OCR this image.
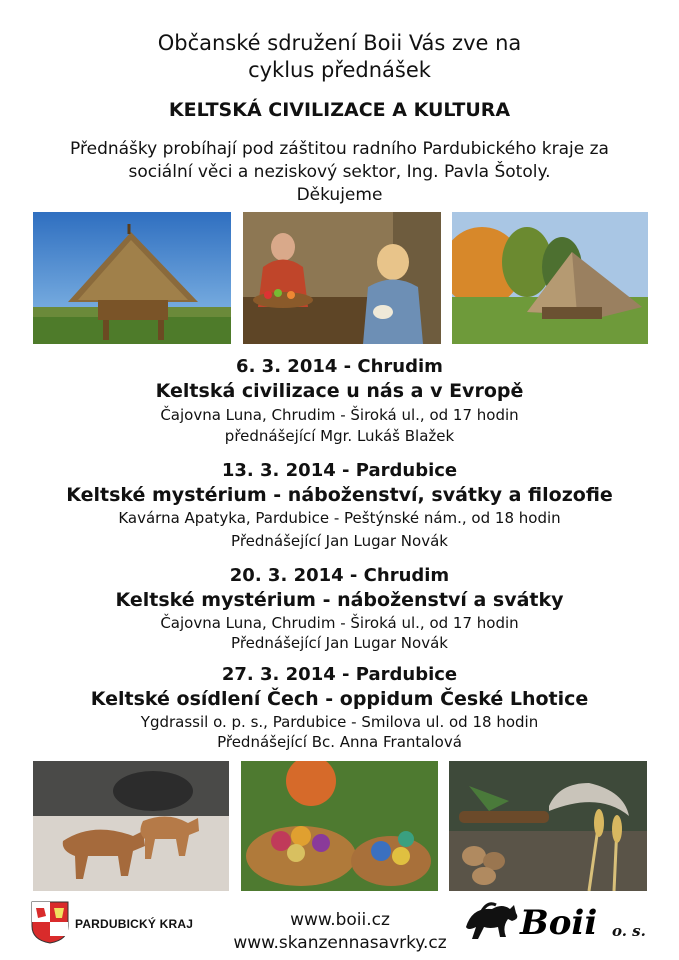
Občanské sdružení Boii Vás zve na
cyklus přednášek
KELTSKÁ CIVILIZACE A KULTURA
Přednášky probíhají pod záštitou radního Pardubického kraje za
sociální věci a neziskový sektor, Ing. Pavla Šotoly.
Děkujeme
6. 3. 2014 - Chrudim
Keltská civilizace u nás a v Evropě
Čajovna Luna, Chrudim - Široká ul., od 17 hodin
přednášející Mgr. Lukáš Blažek
13. 3. 2014 - Pardubice
Keltské mystérium - náboženství, svátky a filozofie
Kavárna Apatyka, Pardubice - Peštýnské nám., od 18 hodin
Přednášející Jan Lugar Novák
20. 3. 2014 - Chrudim
Keltské mystérium - náboženství a svátky
Čajovna Luna, Chrudim - Široká ul., od 17 hodin
Přednášející Jan Lugar Novák
27. 3. 2014 - Pardubice
Keltské osídlení Čech - oppidum České Lhotice
Ygdrassil o. p. s., Pardubice - Smilova ul. od 18 hodin
Přednášející Bc. Anna Frantalová
PARDUBICKÝ KRAJ	www.boii.cz
www.skanzennasavrky.cz	Boii o. s.
